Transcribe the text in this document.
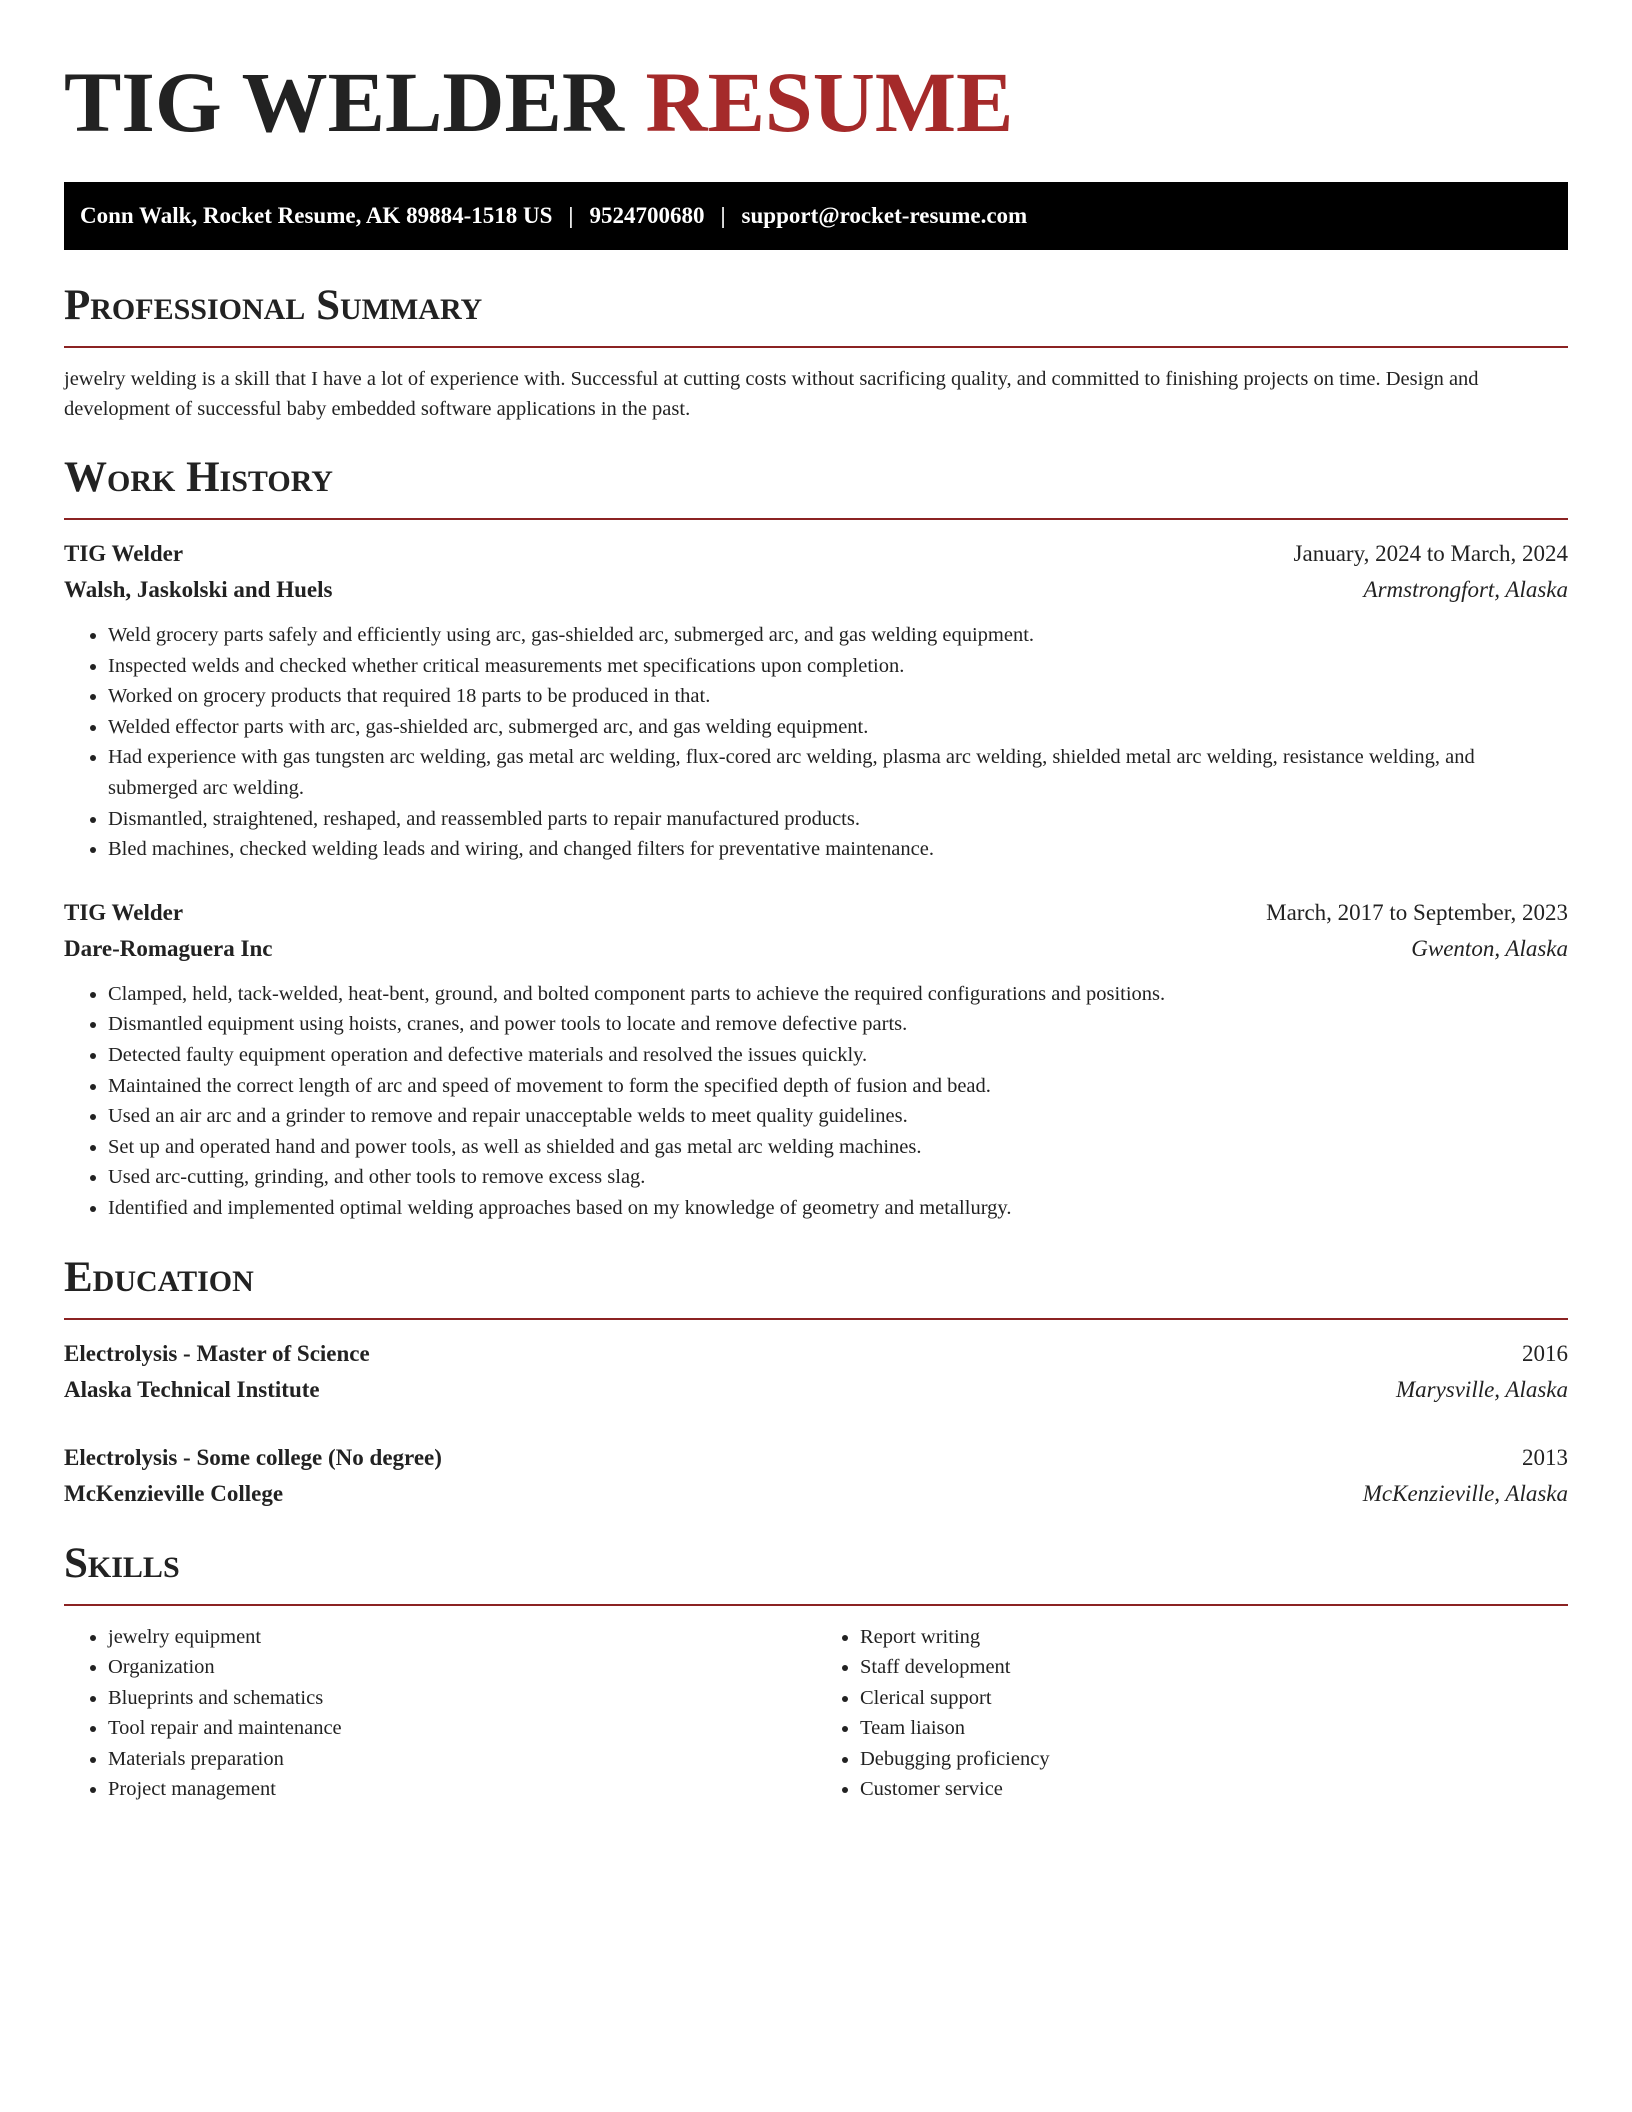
TIG WELDER RESUME
Conn Walk, Rocket Resume, AK 89884-1518 US | 9524700680 | support@rocket-resume.com
Professional Summary

jewelry welding is a skill that I have a lot of experience with. Successful at cutting costs without sacrificing quality, and committed to finishing projects on time. Design and development of successful baby embedded software applications in the past.

Work History
TIG Welder	January, 2024 to March, 2024
Walsh, Jaskolski and Huels	Armstrongfort, Alaska
• Weld grocery parts safely and efficiently using arc, gas-shielded arc, submerged arc, and gas welding equipment.
• Inspected welds and checked whether critical measurements met specifications upon completion.
• Worked on grocery products that required 18 parts to be produced in that.
• Welded effector parts with arc, gas-shielded arc, submerged arc, and gas welding equipment.
• Had experience with gas tungsten arc welding, gas metal arc welding, flux-cored arc welding, plasma arc welding, shielded metal arc welding, resistance welding, and submerged arc welding.
• Dismantled, straightened, reshaped, and reassembled parts to repair manufactured products.
• Bled machines, checked welding leads and wiring, and changed filters for preventative maintenance.
TIG Welder	March, 2017 to September, 2023
Dare-Romaguera Inc	Gwenton, Alaska
• Clamped, held, tack-welded, heat-bent, ground, and bolted component parts to achieve the required configurations and positions.
• Dismantled equipment using hoists, cranes, and power tools to locate and remove defective parts.
• Detected faulty equipment operation and defective materials and resolved the issues quickly.
• Maintained the correct length of arc and speed of movement to form the specified depth of fusion and bead.
• Used an air arc and a grinder to remove and repair unacceptable welds to meet quality guidelines.
• Set up and operated hand and power tools, as well as shielded and gas metal arc welding machines.
• Used arc-cutting, grinding, and other tools to remove excess slag.
• Identified and implemented optimal welding approaches based on my knowledge of geometry and metallurgy.
Education
Electrolysis - Master of Science	2016
Alaska Technical Institute	Marysville, Alaska
Electrolysis - Some college (No degree)	2013
McKenzieville College	McKenzieville, Alaska
Skills
• jewelry equipment
• Organization
• Blueprints and schematics
• Tool repair and maintenance
• Materials preparation
• Project management
• Report writing
• Staff development
• Clerical support
• Team liaison
• Debugging proficiency
• Customer service
